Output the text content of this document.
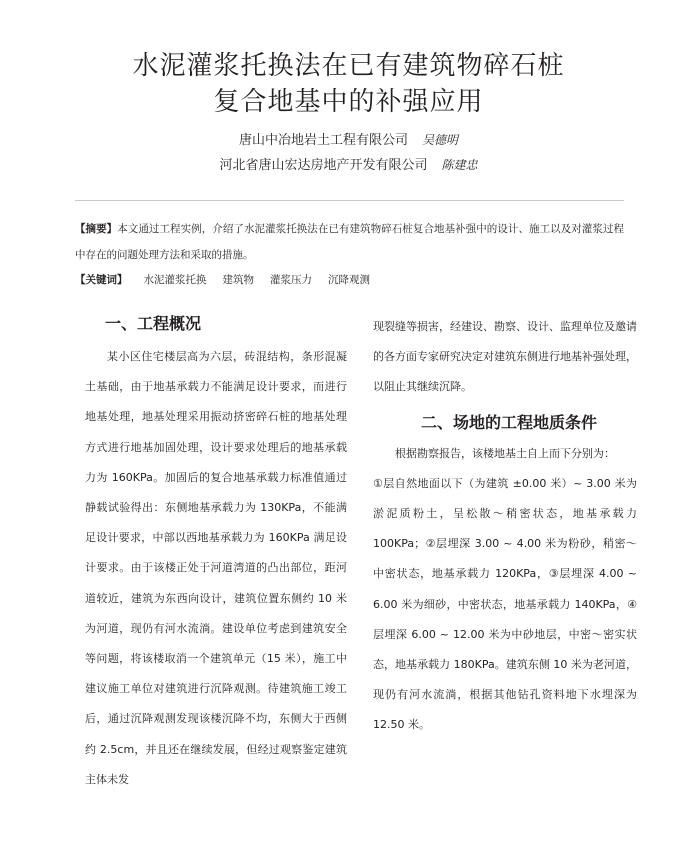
水泥灌浆托换法在已有建筑物碎石桩
复合地基中的补强应用
唐山中冶地岩土工程有限公司 吴德明
河北省唐山宏达房地产开发有限公司 陈建忠
【摘要】本文通过工程实例，介绍了水泥灌浆托换法在已有建筑物碎石桩复合地基补强中的设计、施工以及对灌浆过程中存在的问题处理方法和采取的措施。
【关键词】 水泥灌浆托换 建筑物 灌浆压力 沉降观测
一、工程概况

某小区住宅楼层高为六层，砖混结构，条形混凝土基础，由于地基承载力不能满足设计要求，而进行地基处理，地基处理采用振动挤密碎石桩的地基处理方式进行地基加固处理，设计要求处理后的地基承载力为 160KPa。加固后的复合地基承载力标准值通过静载试验得出：东侧地基承载力为 130KPa，不能满足设计要求，中部以西地基承载力为 160KPa 满足设计要求。由于该楼正处于河道湾道的凸出部位，距河道较近，建筑为东西向设计，建筑位置东侧约 10 米为河道，现仍有河水流淌。建设单位考虑到建筑安全等问题，将该楼取消一个建筑单元（15 米），施工中建议施工单位对建筑进行沉降观测。待建筑施工竣工后，通过沉降观测发现该楼沉降不均，东侧大于西侧约 2.5cm，并且还在继续发展，但经过观察鉴定建筑主体未发

现裂缝等损害，经建设、勘察、设计、监理单位及邀请的各方面专家研究决定对建筑东侧进行地基补强处理，以阻止其继续沉降。

二、场地的工程地质条件

根据勘察报告，该楼地基土自上而下分别为：

①层自然地面以下（为建筑 ±0.00 米）~ 3.00 米为淤泥质粉土，呈松散～稍密状态，地基承载力 100KPa；②层埋深 3.00 ~ 4.00 米为粉砂，稍密～中密状态，地基承载力 120KPa，③层埋深 4.00 ~ 6.00 米为细砂，中密状态，地基承载力 140KPa，④层埋深 6.00 ~ 12.00 米为中砂地层，中密～密实状态，地基承载力 180KPa。建筑东侧 10 米为老河道，现仍有河水流淌，根据其他钻孔资料地下水埋深为 12.50 米。
